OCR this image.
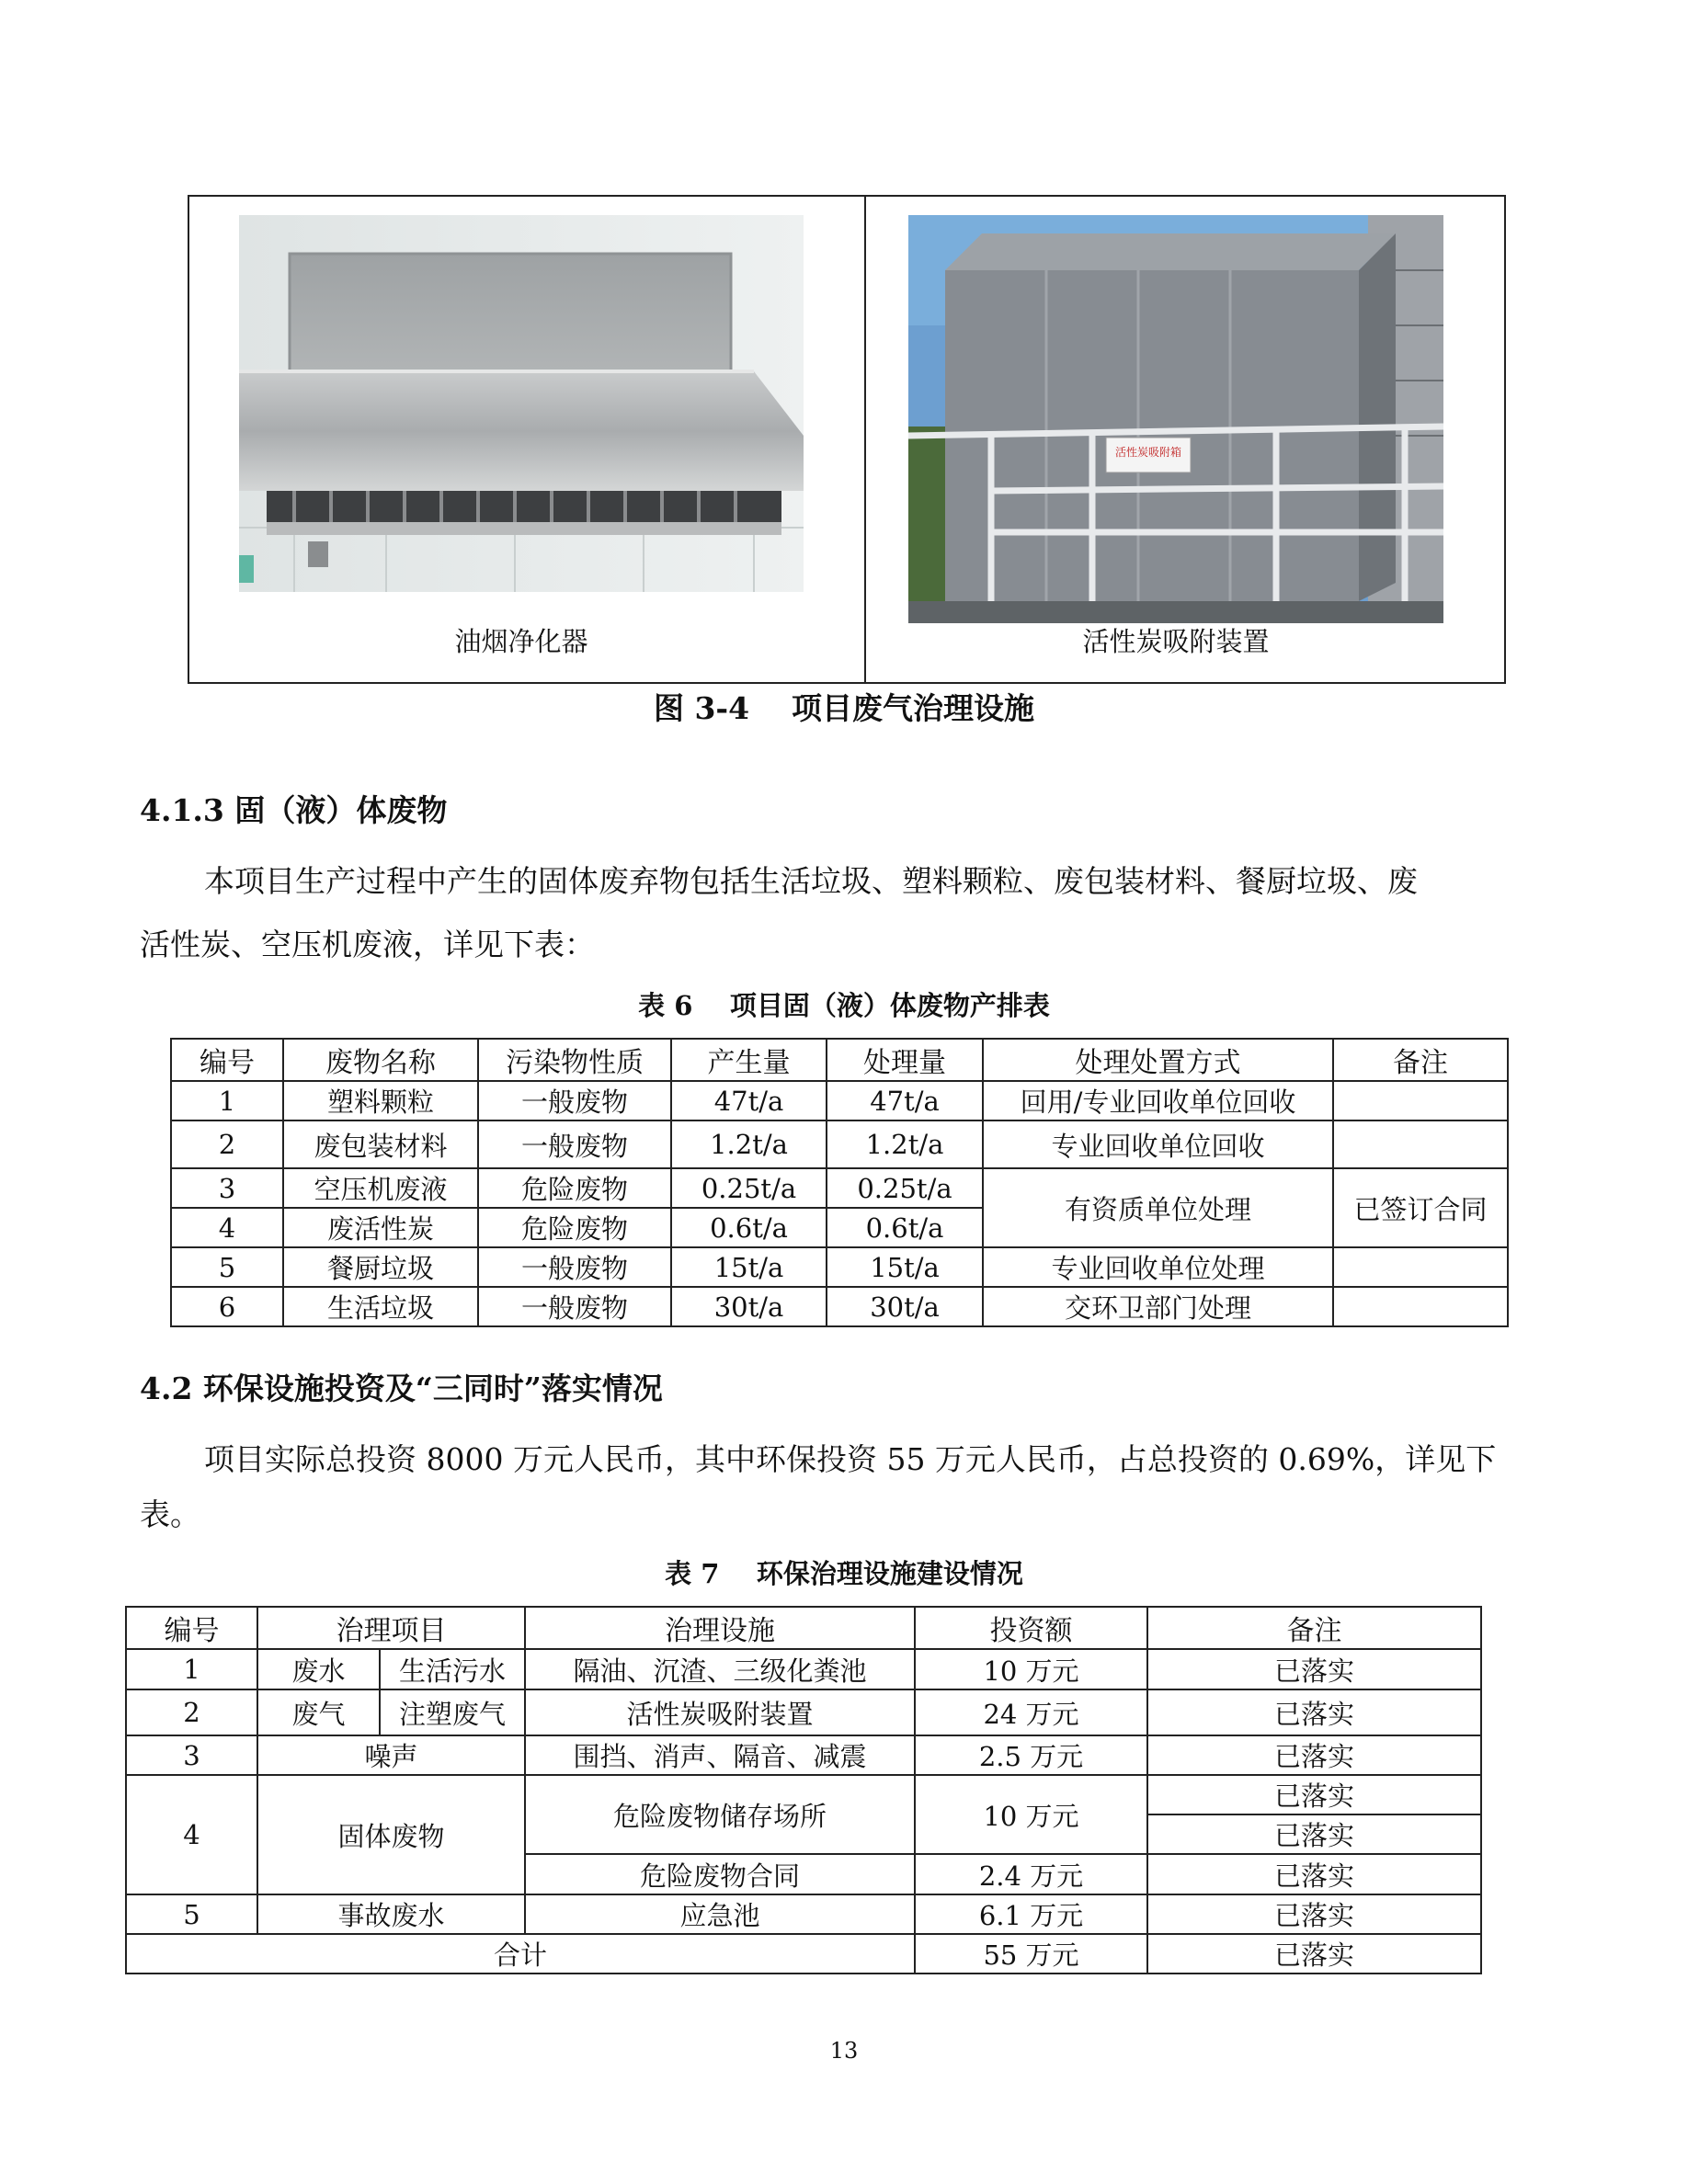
油烟净化器
活性炭吸附箱
活性炭吸附装置
图 3-4    项目废气治理设施
4.1.3 固（液）体废物
本项目生产过程中产生的固体废弃物包括生活垃圾、塑料颗粒、废包装材料、餐厨垃圾、废
活性炭、空压机废液，详见下表：
表 6    项目固（液）体废物产排表
编号	废物名称	污染物性质	产生量	处理量	处理处置方式	备注
1	塑料颗粒	一般废物	47t/a	47t/a	回用/专业回收单位回收	
2	废包装材料	一般废物	1.2t/a	1.2t/a	专业回收单位回收	
3	空压机废液	危险废物	0.25t/a	0.25t/a	有资质单位处理	已签订合同
4	废活性炭	危险废物	0.6t/a	0.6t/a		
5	餐厨垃圾	一般废物	15t/a	15t/a	专业回收单位处理	
6	生活垃圾	一般废物	30t/a	30t/a	交环卫部门处理	
4.2 环保设施投资及“三同时”落实情况
项目实际总投资 8000 万元人民币，其中环保投资 55 万元人民币，占总投资的 0.69%，详见下
表。
表 7    环保治理设施建设情况
编号	治理项目		治理设施	投资额	备注
1	废水	生活污水	隔油、沉渣、三级化粪池	10 万元	已落实
2	废气	注塑废气	活性炭吸附装置	24 万元	已落实
3	噪声		围挡、消声、隔音、减震	2.5 万元	已落实
4	固体废物		危险废物储存场所	10 万元	已落实
					已落实
			危险废物合同	2.4 万元	已落实
5	事故废水		应急池	6.1 万元	已落实
合计				55 万元	已落实
13
